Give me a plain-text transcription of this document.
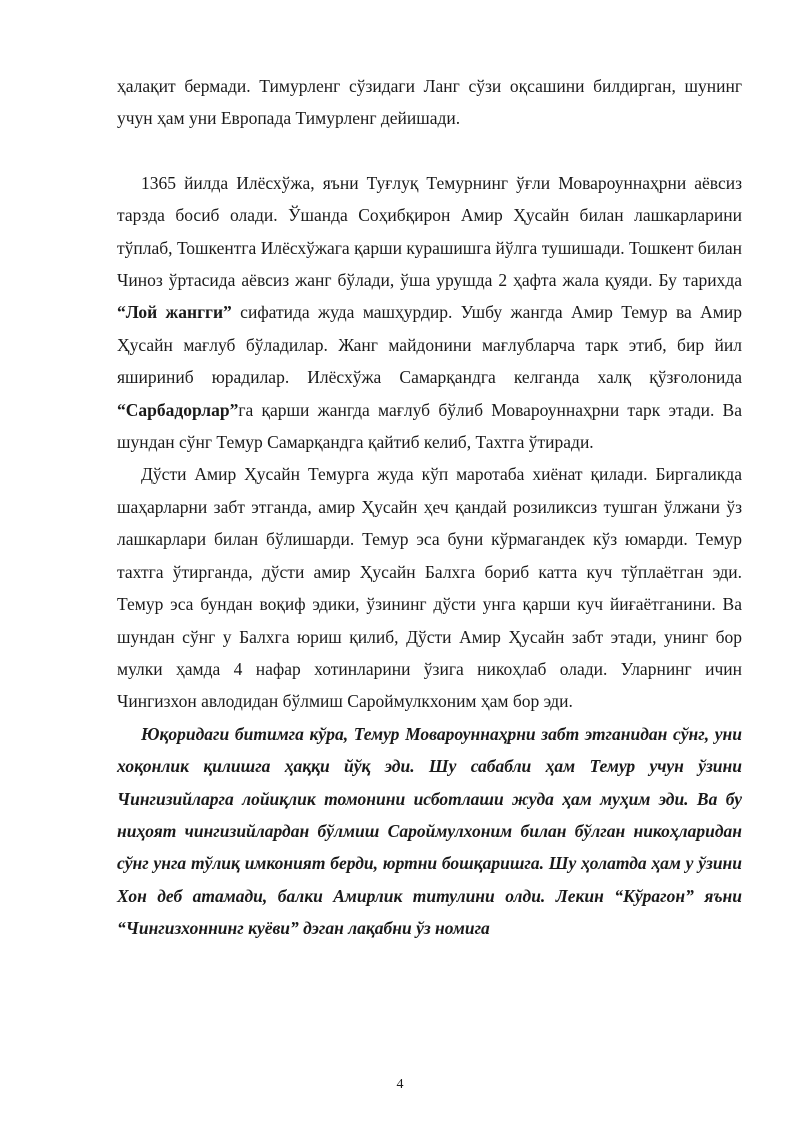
ҳалақит бермади. Тимурленг сўзидаги Ланг сўзи оқсашини билдирган, шунинг учун ҳам уни Европада Тимурленг дейишади.

1365 йилда Илёсхўжа, яъни Туғлуқ Темурнинг ўғли Мовароуннаҳрни аёвсиз тарзда босиб олади. Ўшанда Соҳибқирон Амир Ҳусайн билан лашкарларини тўплаб, Тошкентга Илёсхўжага қарши курашишга йўлга тушишади. Тошкент билан Чиноз ўртасида аёвсиз жанг бўлади, ўша урушда 2 ҳафта жала қуяди. Бу тарихда “Лой жангги” сифатида жуда машҳурдир. Ушбу жангда Амир Темур ва Амир Ҳусайн мағлуб бўладилар. Жанг майдонини мағлубларча тарк этиб, бир йил яшириниб юрадилар. Илёсхўжа Самарқандга келганда халқ қўзғолонида “Сарбадорлар”га қарши жангда мағлуб бўлиб Мовароуннаҳрни тарк этади. Ва шундан сўнг Темур Самарқандга қайтиб келиб, Тахтга ўтиради.

Дўсти Амир Ҳусайн Темурга жуда кўп маротаба хиёнат қилади. Биргаликда шаҳарларни забт этганда, амир Ҳусайн ҳеч қандай розиликсиз тушган ўлжани ўз лашкарлари билан бўлишарди. Темур эса буни кўрмагандек кўз юмарди. Темур тахтга ўтирганда, дўсти амир Ҳусайн Балхга бориб катта куч тўплаётган эди. Темур эса бундан воқиф эдики, ўзининг дўсти унга қарши куч йиғаётганини. Ва шундан сўнг у Балхга юриш қилиб, Дўсти Амир Ҳусайн забт этади, унинг бор мулки ҳамда 4 нафар хотинларини ўзига никоҳлаб олади. Уларнинг ичин Чингизхон авлодидан бўлмиш Сароймулкхоним ҳам бор эди.

Юқоридаги битимга кўра, Темур Мовароуннаҳрни забт этганидан сўнг, уни хоқонлик қилишга ҳаққи йўқ эди. Шу сабабли ҳам Темур учун ўзини Чингизийларга лойиқлик томонини исботлаши жуда ҳам муҳим эди. Ва бу ниҳоят чингизийлардан бўлмиш Сароймулхоним билан бўлган никоҳларидан сўнг унга тўлиқ имконият берди, юртни бошқаришга. Шу ҳолатда ҳам у ўзини Хон деб атамади, балки Амирлик титулини олди. Лекин “Кўрагон” яъни “Чингизхоннинг куёви” дэган лақабни ўз номига

4
